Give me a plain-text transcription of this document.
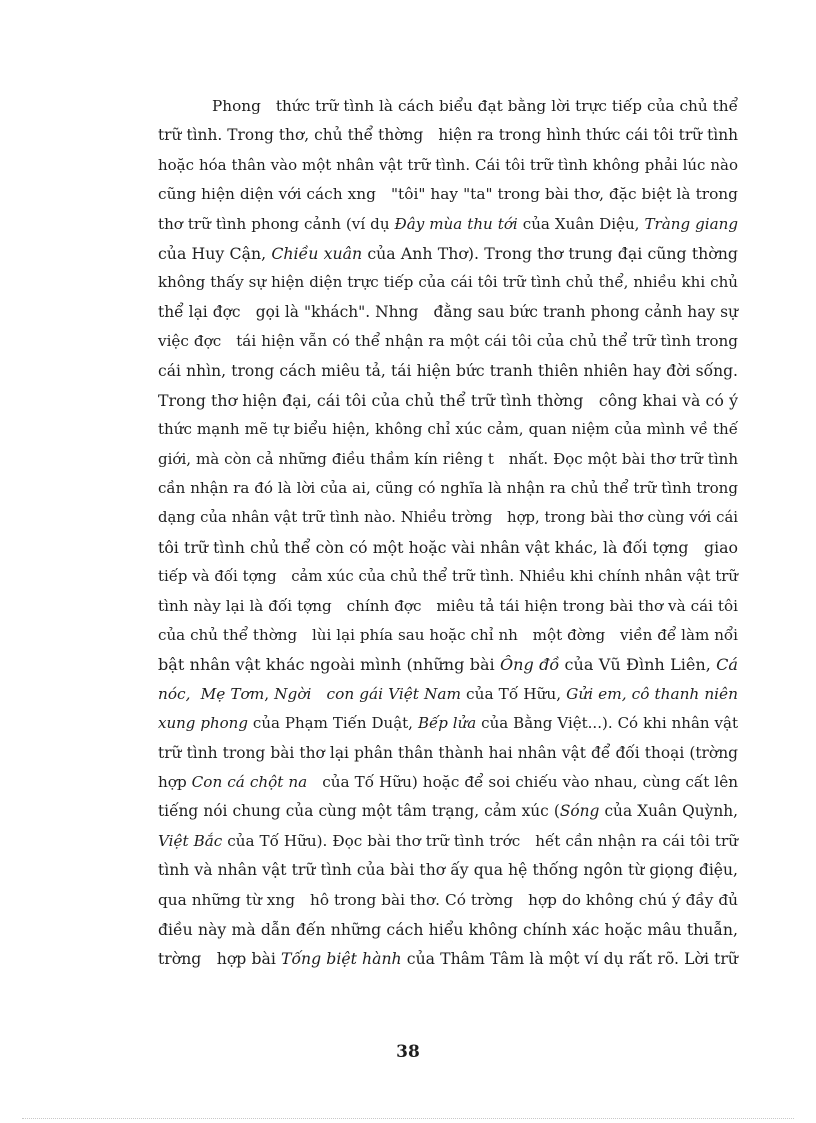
Phong   thức trữ tình là cách biểu đạt bằng lời trực tiếp của chủ thể
trữ tình. Trong thơ, chủ thể thờng   hiện ra trong hình thức cái tôi trữ tình
hoặc hóa thân vào một nhân vật trữ tình. Cái tôi trữ tình không phải lúc nào
cũng hiện diện với cách xng   "tôi" hay "ta" trong bài thơ, đặc biệt là trong
thơ trữ tình phong cảnh (ví dụ Đây mùa thu tới của Xuân Diệu, Tràng giang
của Huy Cận, Chiều xuân của Anh Thơ). Trong thơ trung đại cũng thờng
không thấy sự hiện diện trực tiếp của cái tôi trữ tình chủ thể, nhiều khi chủ
thể lại đợc   gọi là "khách". Nhng   đằng sau bức tranh phong cảnh hay sự
việc đợc   tái hiện vẫn có thể nhận ra một cái tôi của chủ thể trữ tình trong
cái nhìn, trong cách miêu tả, tái hiện bức tranh thiên nhiên hay đời sống.
Trong thơ hiện đại, cái tôi của chủ thể trữ tình thờng   công khai và có ý
thức mạnh mẽ tự biểu hiện, không chỉ xúc cảm, quan niệm của mình về thế
giới, mà còn cả những điều thầm kín riêng t   nhất. Đọc một bài thơ trữ tình
cần nhận ra đó là lời của ai, cũng có nghĩa là nhận ra chủ thể trữ tình trong
dạng của nhân vật trữ tình nào. Nhiều trờng   hợp, trong bài thơ cùng với cái
tôi trữ tình chủ thể còn có một hoặc vài nhân vật khác, là đối tợng   giao
tiếp và đối tợng   cảm xúc của chủ thể trữ tình. Nhiều khi chính nhân vật trữ
tình này lại là đối tợng   chính đợc   miêu tả tái hiện trong bài thơ và cái tôi
của chủ thể thờng   lùi lại phía sau hoặc chỉ nh   một đờng   viền để làm nổi
bật nhân vật khác ngoài mình (những bài Ông đồ của Vũ Đình Liên, Cá
nóc,  Mẹ Tơm, Ngời   con gái Việt Nam của Tố Hữu, Gửi em, cô thanh niên
xung phong của Phạm Tiến Duật, Bếp lửa của Bằng Việt...). Có khi nhân vật
trữ tình trong bài thơ lại phân thân thành hai nhân vật để đối thoại (trờng
hợp Con cá chột na   của Tố Hữu) hoặc để soi chiếu vào nhau, cùng cất lên
tiếng nói chung của cùng một tâm trạng, cảm xúc (Sóng của Xuân Quỳnh,
Việt Bắc của Tố Hữu). Đọc bài thơ trữ tình trớc   hết cần nhận ra cái tôi trữ
tình và nhân vật trữ tình của bài thơ ấy qua hệ thống ngôn từ giọng điệu,
qua những từ xng   hô trong bài thơ. Có trờng   hợp do không chú ý đầy đủ
điều này mà dẫn đến những cách hiểu không chính xác hoặc mâu thuẫn,
trờng   hợp bài Tống biệt hành của Thâm Tâm là một ví dụ rất rõ. Lời trữ
38
